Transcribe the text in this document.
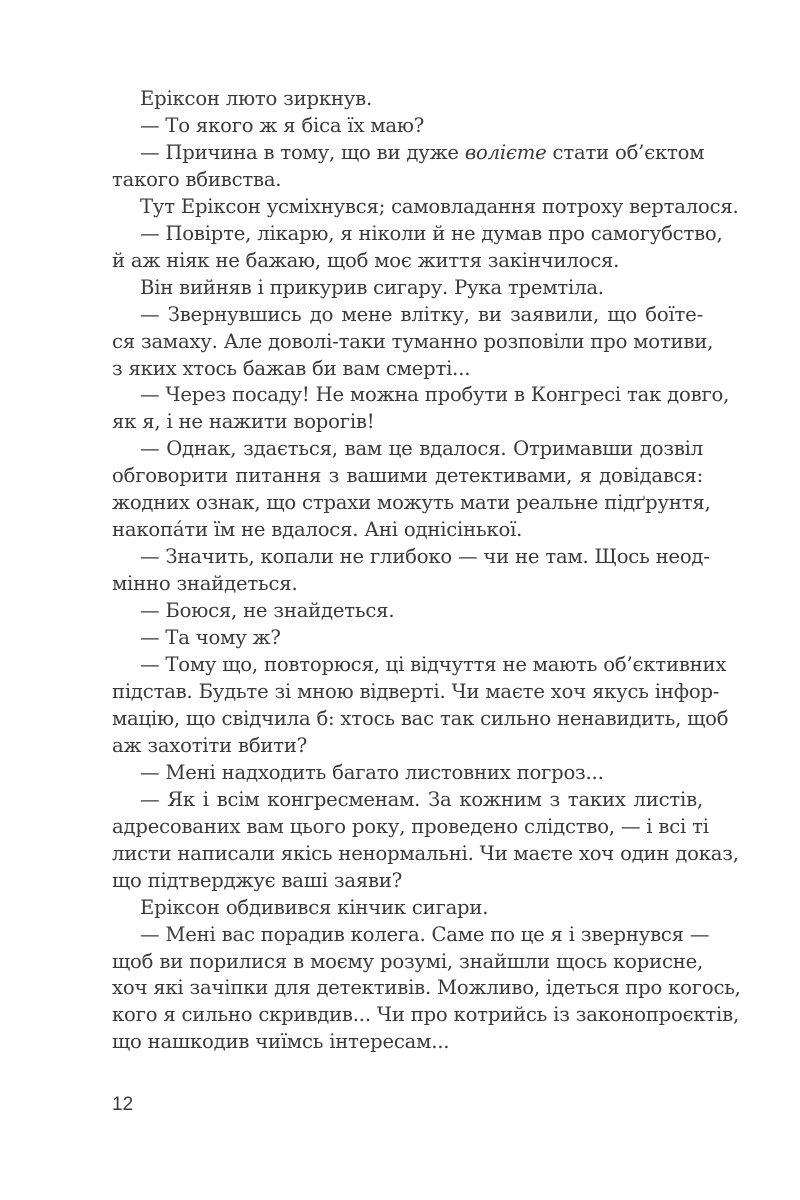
Еріксон люто зиркнув.
— То якого ж я біса їх маю?
— Причина в тому, що ви дуже волієте стати об’єктом
такого вбивства.
Тут Еріксон усміхнувся; самовладання потроху верталося.
— Повірте, лікарю, я ніколи й не думав про самогубство,
й аж ніяк не бажаю, щоб моє життя закінчилося.
Він вийняв і прикурив сигару. Рука тремтіла.
— Звернувшись до мене влітку, ви заявили, що боїте-
ся замаху. Але доволі-таки туманно розповіли про мотиви,
з яких хтось бажав би вам смерті...
— Через посаду! Не можна пробути в Конгресі так довго,
як я, і не нажити ворогів!
— Однак, здається, вам це вдалося. Отримавши дозвіл
обговорити питання з вашими детективами, я довідався:
жодних ознак, що страхи можуть мати реальне підґрунтя,
накопáти їм не вдалося. Ані однісінької.
— Значить, копали не глибоко — чи не там. Щось неод-
мінно знайдеться.
— Боюся, не знайдеться.
— Та чому ж?
— Тому що, повторюся, ці відчуття не мають об’єктивних
підстав. Будьте зі мною відверті. Чи маєте хоч якусь інфор-
мацію, що свідчила б: хтось вас так сильно ненавидить, щоб
аж захотіти вбити?
— Мені надходить багато листовних погроз...
— Як і всім конгресменам. За кожним з таких листів,
адресованих вам цього року, проведено слідство, — і всі ті
листи написали якісь ненормальні. Чи маєте хоч один доказ,
що підтверджує ваші заяви?
Еріксон обдивився кінчик сигари.
— Мені вас порадив колега. Саме по це я і звернувся —
щоб ви порилися в моєму розумі, знайшли щось корисне,
хоч які зачіпки для детективів. Можливо, ідеться про когось,
кого я сильно скривдив... Чи про котрийсь із законопроєктів,
що нашкодив чиїмсь інтересам...
12
